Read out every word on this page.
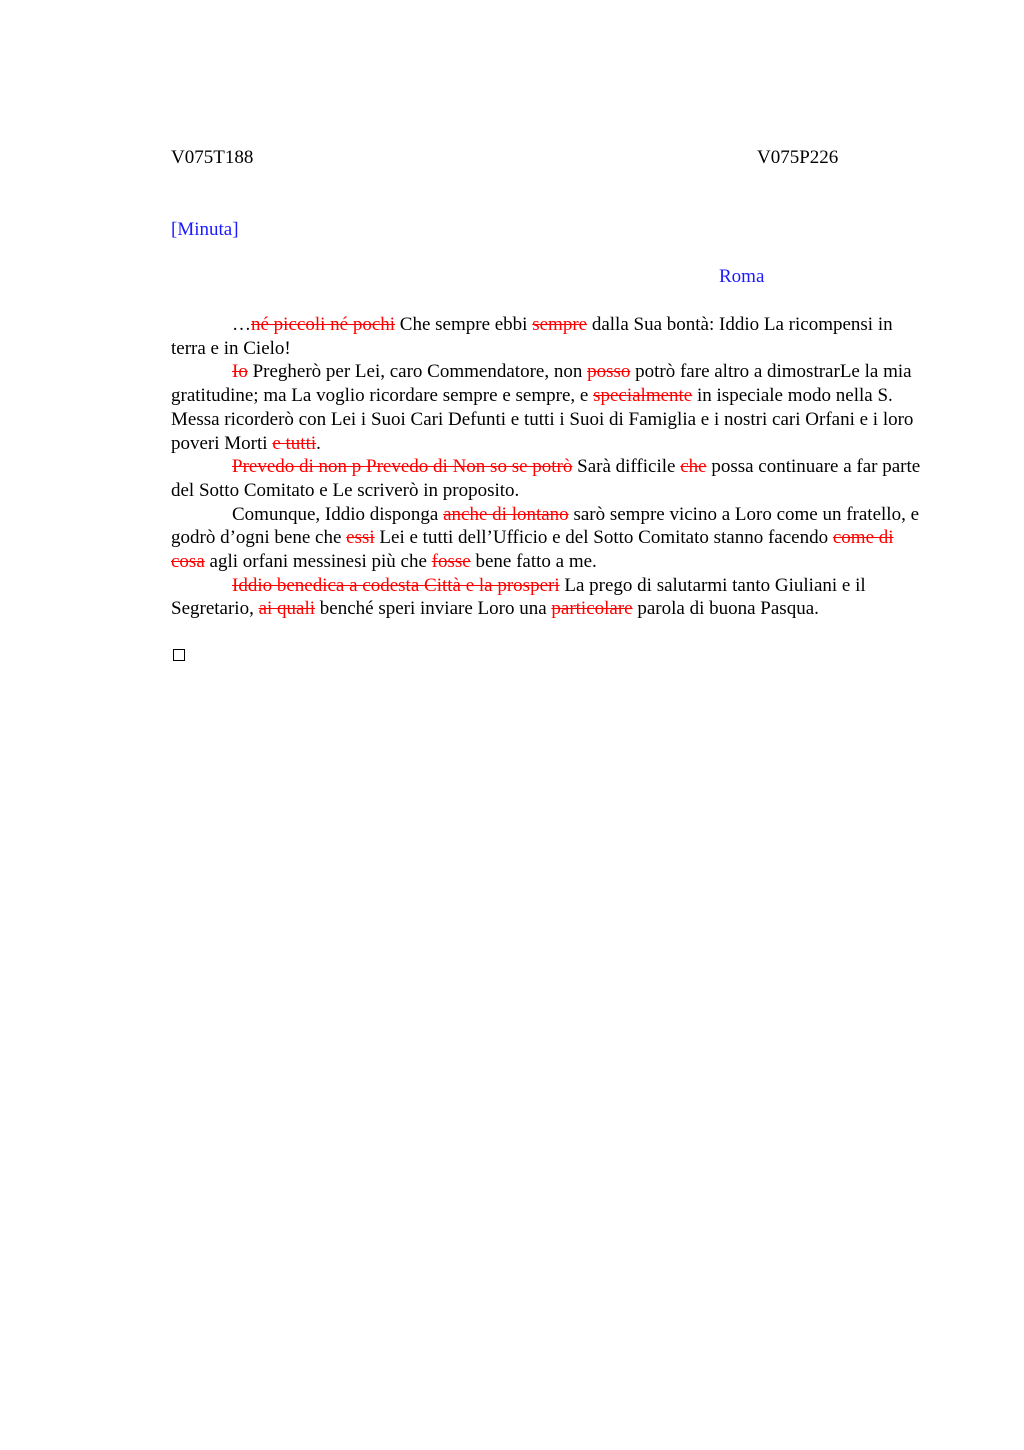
V075T188	V075P226
[Minuta]
Roma

…né piccoli né pochi Che sempre ebbi sempre dalla Sua bontà: Iddio La ricompensi in terra e in Cielo!

Io Pregherò per Lei, caro Commendatore, non posso potrò fare altro a dimostrarLe la mia gratitudine; ma La voglio ricordare sempre e sempre, e specialmente in ispeciale modo nella S. Messa ricorderò con Lei i Suoi Cari Defunti e tutti i Suoi di Famiglia e i nostri cari Orfani e i loro poveri Morti e tutti.

Prevedo di non p Prevedo di Non so se potrò Sarà difficile che possa continuare a far parte del Sotto Comitato e Le scriverò in proposito.

Comunque, Iddio disponga anche di lontano sarò sempre vicino a Loro come un fratello, e godrò d’ogni bene che essi Lei e tutti dell’Ufficio e del Sotto Comitato stanno facendo come di cosa agli orfani messinesi più che fosse bene fatto a me.

Iddio benedica a codesta Città e la prosperi La prego di salutarmi tanto Giuliani e il Segretario, ai quali benché speri inviare Loro una particolare parola di buona Pasqua.
